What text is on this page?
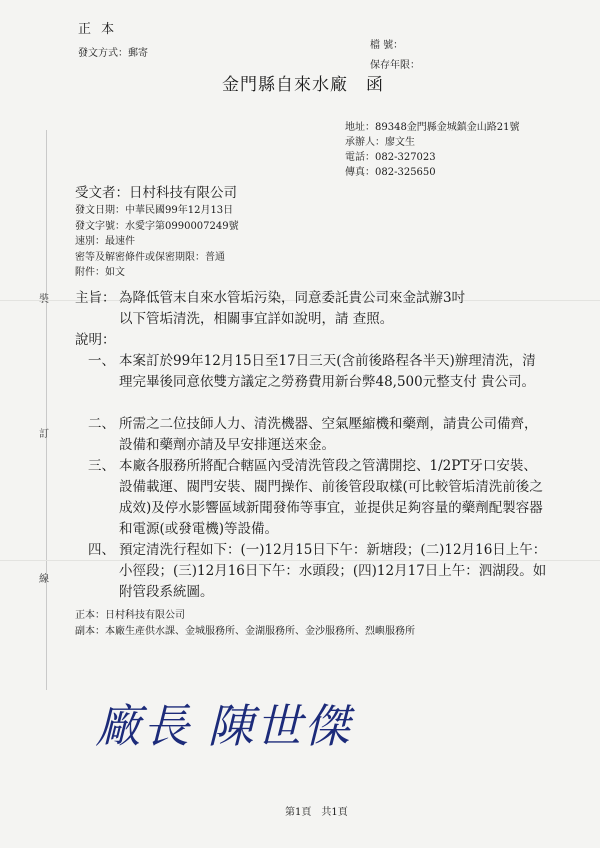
訂
線
正 本
發文方式：郵寄
檔 號：
保存年限：
金門縣自來水廠　函
地址：89348金門縣金城鎮金山路21號
承辦人：廖文生
電話：082-327023
傳真：082-325650
受文者：日村科技有限公司
發文日期：中華民國99年12月13日
發文字號：水愛字第0990007249號
速別：最速件
密等及解密條件或保密期限：普通
附件：如文
主旨： 為降低管末自來水管垢污染，同意委託貴公司來金試辦3吋
以下管垢清洗，相關事宜詳如說明，請 查照。
說明：
一、 本案訂於99年12月15日至17日三天(含前後路程各半天)辦理清洗，清理完畢後同意依雙方議定之勞務費用新台弊48,500元整支付 貴公司。
二、 所需之二位技師人力、清洗機器、空氣壓縮機和藥劑，請貴公司備齊，設備和藥劑亦請及早安排運送來金。
三、 本廠各服務所將配合轄區內受清洗管段之管溝開挖、1/2PT牙口安裝、設備載運、閥門安裝、閥門操作、前後管段取樣(可比較管垢清洗前後之成效)及停水影響區域新聞發佈等事宜，並提供足夠容量的藥劑配製容器和電源(或發電機)等設備。
四、 預定清洗行程如下：(一)12月15日下午：新塘段；(二)12月16日上午：小徑段；(三)12月16日下午：水頭段；(四)12月17日上午：泗湖段。如附管段系統圖。
正本：日村科技有限公司
副本：本廠生產供水課、金城服務所、金湖服務所、金沙服務所、烈嶼服務所
廠長 陳世傑
第1頁　共1頁
